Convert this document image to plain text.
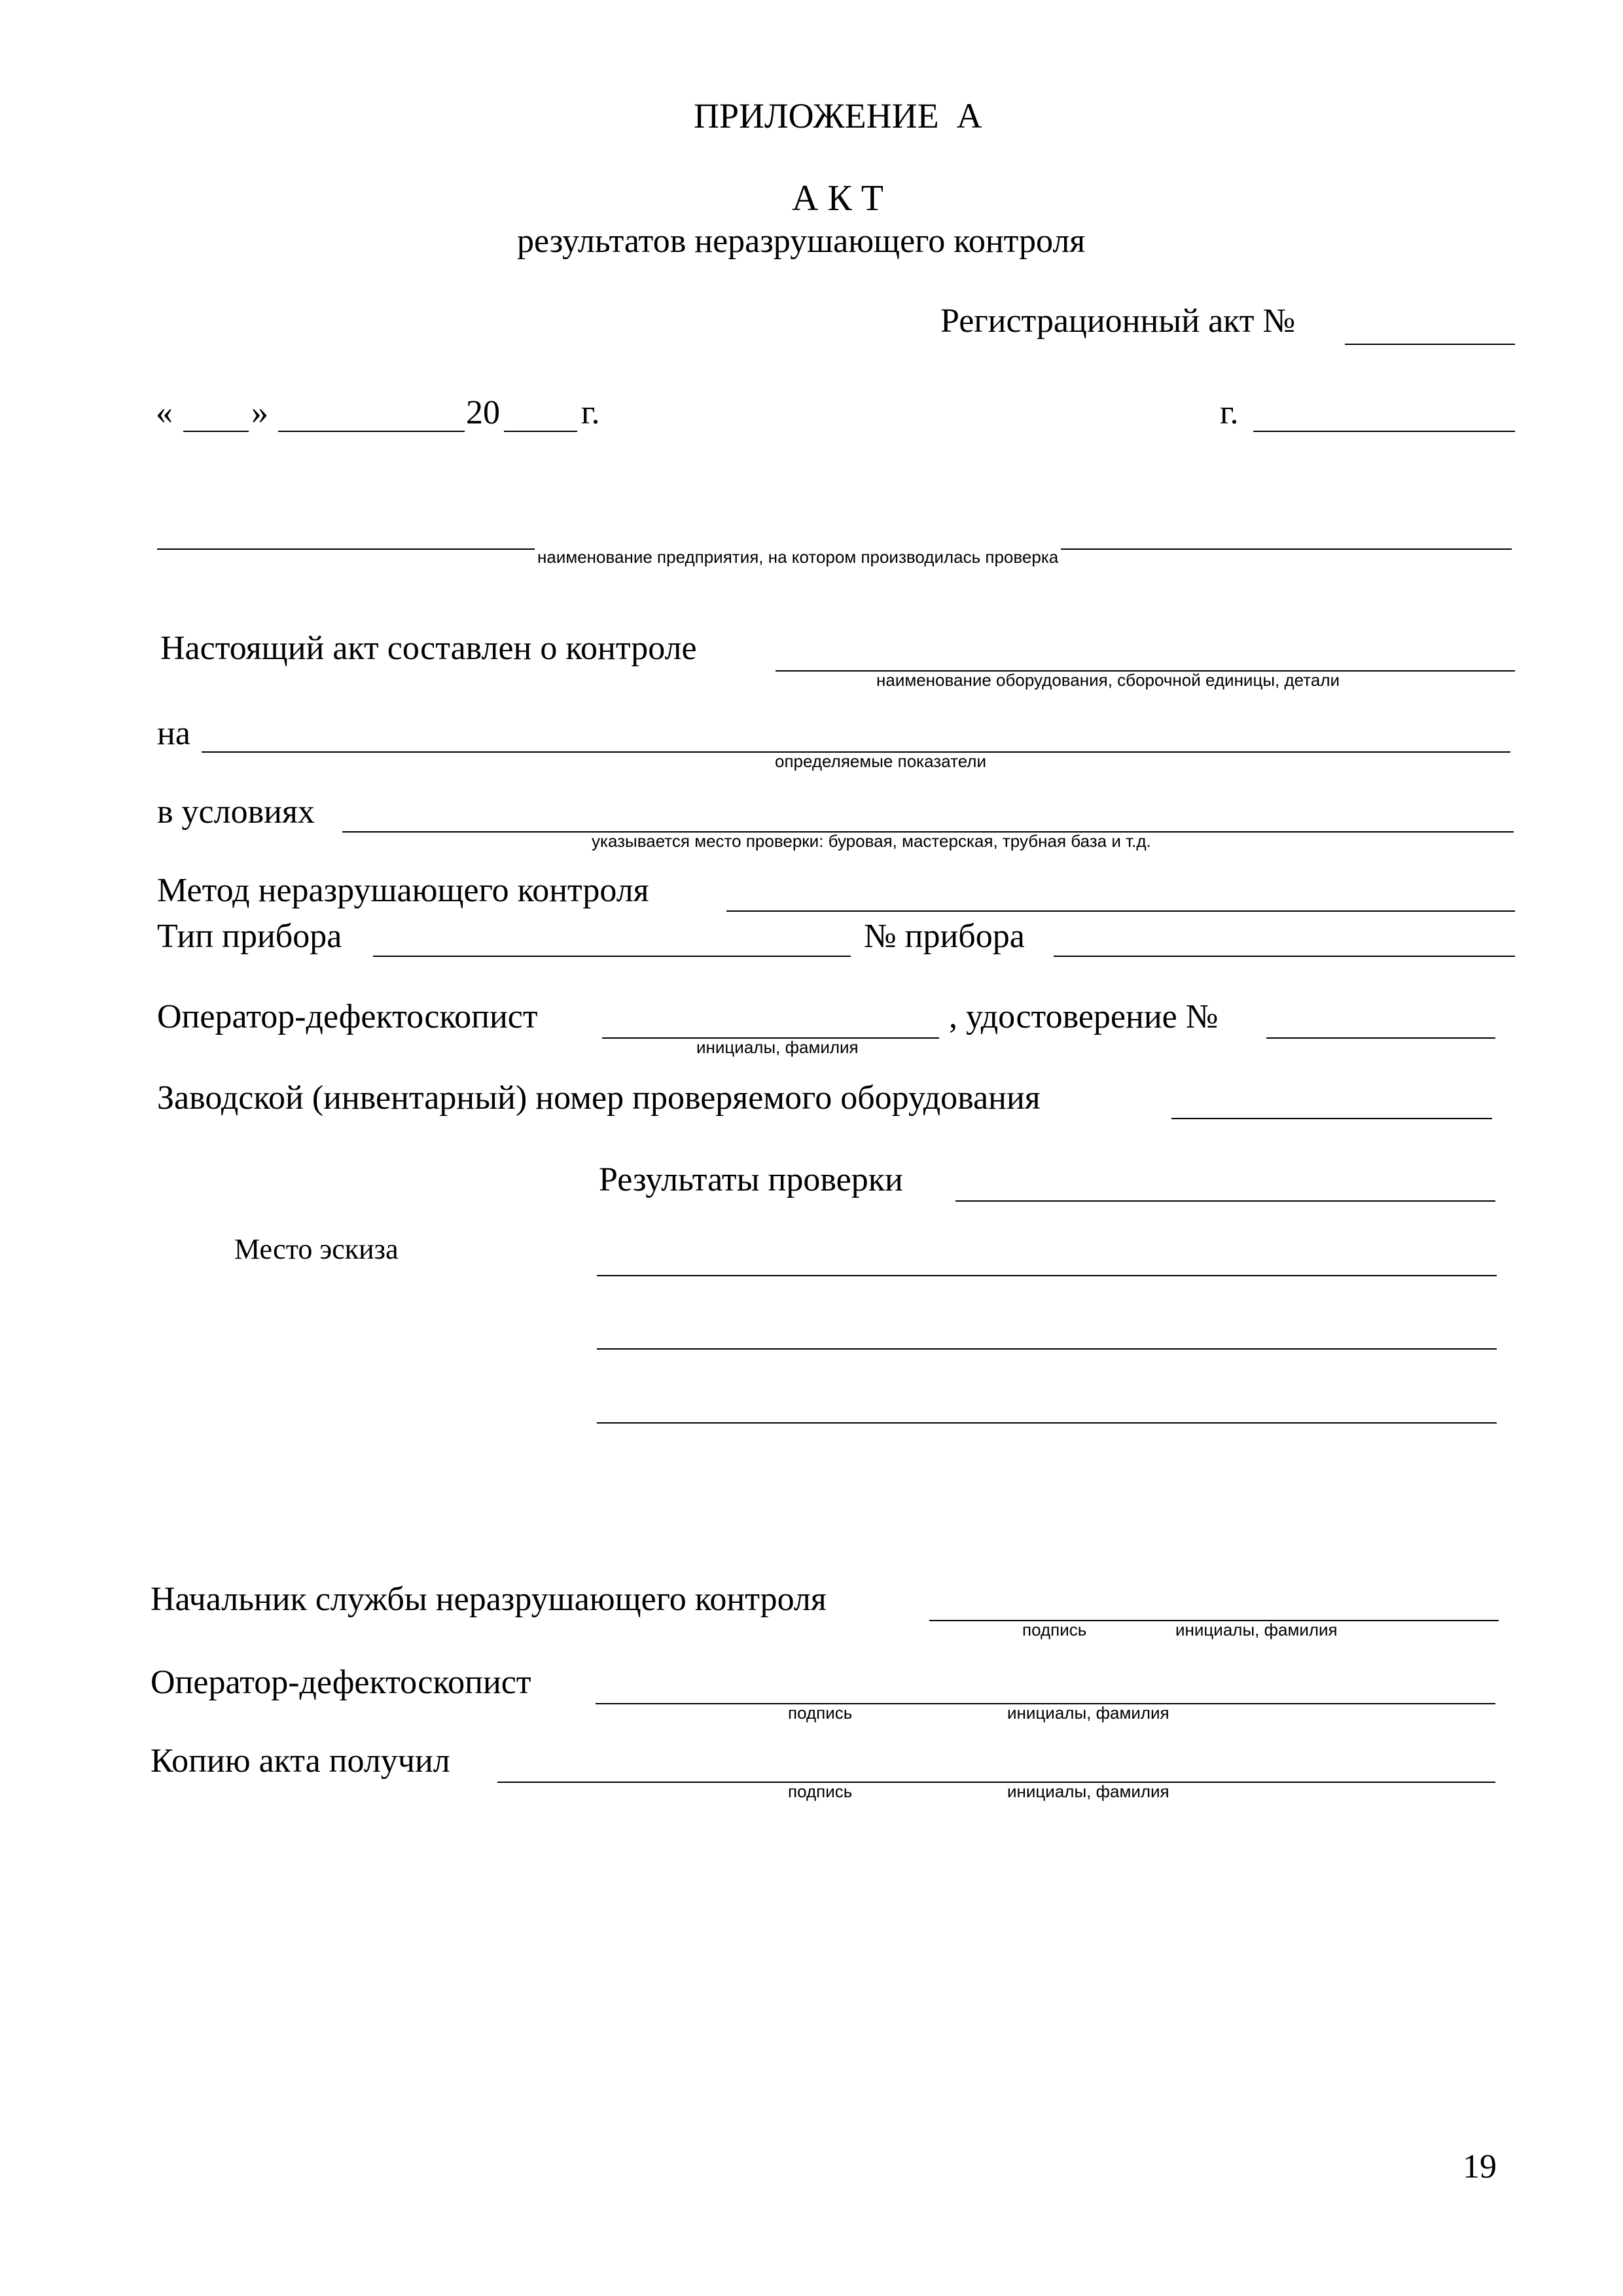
ПРИЛОЖЕНИЕ  А
А К Т
результатов неразрушающего контроля
Регистрационный акт №
« »	20 г.	г.
наименование предприятия, на котором производилась проверка
Настоящий акт составлен о контроле
наименование оборудования, сборочной единицы, детали
на
определяемые показатели
в условиях
указывается место проверки: буровая, мастерская, трубная база и т.д.
Метод неразрушающего контроля
Тип прибора	№ прибора
Оператор-дефектоскопист
инициалы, фамилия
, удостоверение №
Заводской (инвентарный) номер проверяемого оборудования
Результаты проверки
Место эскиза
Начальник службы неразрушающего контроля
подпись	инициалы, фамилия
Оператор-дефектоскопист
подпись	инициалы, фамилия
Копию акта получил
подпись	инициалы, фамилия
19
